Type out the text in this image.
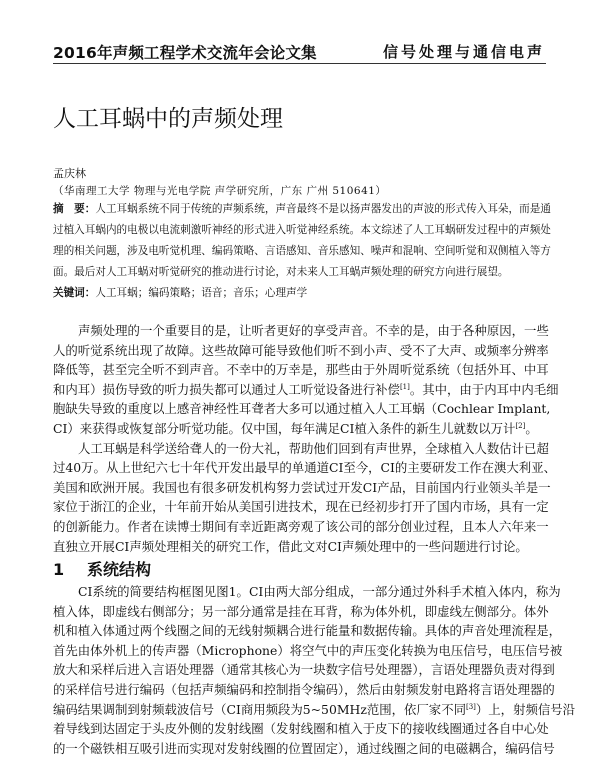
2016年声频工程学术交流年会论文集	信号处理与通信电声
人工耳蜗中的声频处理
孟庆林
（华南理工大学 物理与光电学院 声学研究所，广东 广州 510641）
摘　要：人工耳蜗系统不同于传统的声频系统，声音最终不是以扬声器发出的声波的形式传入耳朵，而是通
过植入耳蜗内的电极以电流刺激听神经的形式进入听觉神经系统。本文综述了人工耳蜗研发过程中的声频处
理的相关问题，涉及电听觉机理、编码策略、言语感知、音乐感知、噪声和混响、空间听觉和双侧植入等方
面。最后对人工耳蜗对听觉研究的推动进行讨论，对未来人工耳蜗声频处理的研究方向进行展望。
关键词：人工耳蜗；编码策略；语音；音乐；心理声学
声频处理的一个重要目的是，让听者更好的享受声音。不幸的是，由于各种原因，一些
人的听觉系统出现了故障。这些故障可能导致他们听不到小声、受不了大声、或频率分辨率
降低等，甚至完全听不到声音。不幸中的万幸是，那些由于外周听觉系统（包括外耳、中耳
和内耳）损伤导致的听力损失都可以通过人工听觉设备进行补偿[1]。其中，由于内耳中内毛细
胞缺失导致的重度以上感音神经性耳聋者大多可以通过植入人工耳蜗（Cochlear Implant,
CI）来获得或恢复部分听觉功能。仅中国，每年满足CI植入条件的新生儿就数以万计[2]。
人工耳蜗是科学送给聋人的一份大礼，帮助他们回到有声世界，全球植入人数估计已超
过40万。从上世纪六七十年代开发出最早的单通道CI至今，CI的主要研发工作在澳大利亚、
美国和欧洲开展。我国也有很多研发机构努力尝试过开发CI产品，目前国内行业领头羊是一
家位于浙江的企业，十年前开始从美国引进技术，现在已经初步打开了国内市场，具有一定
的创新能力。作者在读博士期间有幸近距离旁观了该公司的部分创业过程，且本人六年来一
直独立开展CI声频处理相关的研究工作，借此文对CI声频处理中的一些问题进行讨论。
1 系统结构
CI系统的简要结构框图见图1。CI由两大部分组成，一部分通过外科手术植入体内，称为
植入体，即虚线右侧部分；另一部分通常是挂在耳背，称为体外机，即虚线左侧部分。体外
机和植入体通过两个线圈之间的无线射频耦合进行能量和数据传输。具体的声音处理流程是，
首先由体外机上的传声器（Microphone）将空气中的声压变化转换为电压信号，电压信号被
放大和采样后进入言语处理器（通常其核心为一块数字信号处理器），言语处理器负责对得到
的采样信号进行编码（包括声频编码和控制指令编码），然后由射频发射电路将言语处理器的
编码结果调制到射频载波信号（CI商用频段为5~50MHz范围，依厂家不同[3]）上，射频信号沿
着导线到达固定于头皮外侧的发射线圈（发射线圈和植入于皮下的接收线圈通过各自中心处
的一个磁铁相互吸引进而实现对发射线圈的位置固定），通过线圈之间的电磁耦合，编码信号
